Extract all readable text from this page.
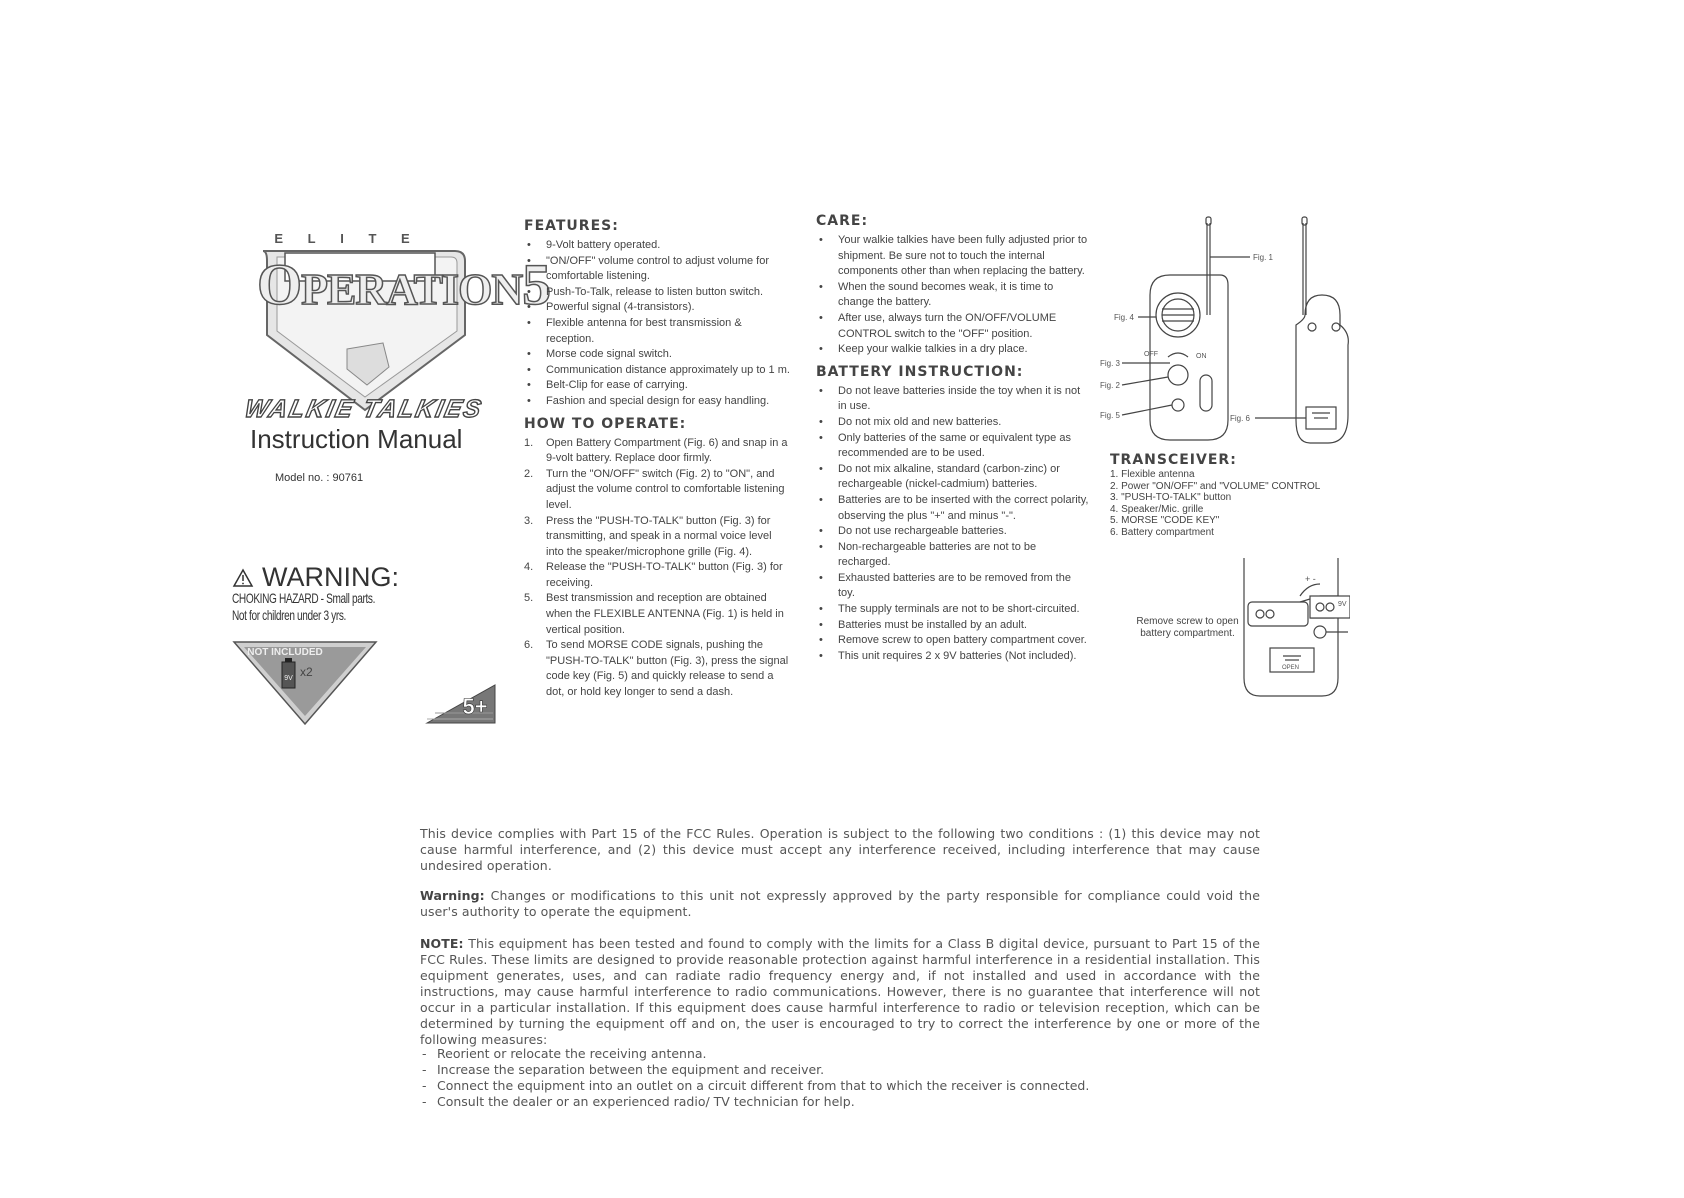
E L I T E
OPERATION5
WALKIE TALKIES
Instruction Manual
Model no. : 90761
WARNING:
CHOKING HAZARD - Small parts.
Not for children under 3 yrs.
9V x2
NOT INCLUDED
5+
FEATURES:
• 9-Volt battery operated.
• "ON/OFF" volume control to adjust volume for comfortable listening.
• Push-To-Talk, release to listen button switch.
• Powerful signal (4-transistors).
• Flexible antenna for best transmission & reception.
• Morse code signal switch.
• Communication distance approximately up to 1 m.
• Belt-Clip for ease of carrying.
• Fashion and special design for easy handling.
HOW TO OPERATE:
1. Open Battery Compartment (Fig. 6) and snap in a 9-volt battery. Replace door firmly.
2. Turn the "ON/OFF" switch (Fig. 2) to "ON", and adjust the volume control to comfortable listening level.
3. Press the "PUSH-TO-TALK" button (Fig. 3) for transmitting, and speak in a normal voice level into the speaker/microphone grille (Fig. 4).
4. Release the "PUSH-TO-TALK" button (Fig. 3) for receiving.
5. Best transmission and reception are obtained when the FLEXIBLE ANTENNA (Fig. 1) is held in vertical position.
6. To send MORSE CODE signals, pushing the "PUSH-TO-TALK" button (Fig. 3), press the signal code key (Fig. 5) and quickly release to send a dot, or hold key longer to send a dash.
CARE:
• Your walkie talkies have been fully adjusted prior to shipment. Be sure not to touch the internal components other than when replacing the battery.
• When the sound becomes weak, it is time to change the battery.
• After use, always turn the ON/OFF/VOLUME CONTROL switch to the "OFF" position.
• Keep your walkie talkies in a dry place.
BATTERY INSTRUCTION:
• Do not leave batteries inside the toy when it is not in use.
• Do not mix old and new batteries.
• Only batteries of the same or equivalent type as recommended are to be used.
• Do not mix alkaline, standard (carbon-zinc) or rechargeable (nickel-cadmium) batteries.
• Batteries are to be inserted with the correct polarity, observing the plus "+" and minus "-".
• Do not use rechargeable batteries.
• Non-rechargeable batteries are not to be recharged.
• Exhausted batteries are to be removed from the toy.
• The supply terminals are not to be short-circuited.
• Batteries must be installed by an adult.
• Remove screw to open battery compartment cover.
• This unit requires 2 x 9V batteries (Not included).
Fig. 1
Fig. 4
Fig. 3
Fig. 2
Fig. 5	Fig. 6
OFF	ON
TRANSCEIVER:
1. Flexible antenna
2. Power "ON/OFF" and "VOLUME" CONTROL
3. "PUSH-TO-TALK" button
4. Speaker/Mic. grille
5. MORSE "CODE KEY"
6. Battery compartment
+ -
9V
OPEN
Remove screw to open battery compartment.
This device complies with Part 15 of the FCC Rules. Operation is subject to the following two conditions : (1) this device may not cause harmful interference, and (2) this device must accept any interference received, including interference that may cause undesired operation.
Warning: Changes or modifications to this unit not expressly approved by the party responsible for compliance could void the user's authority to operate the equipment.
NOTE: This equipment has been tested and found to comply with the limits for a Class B digital device, pursuant to Part 15 of the FCC Rules. These limits are designed to provide reasonable protection against harmful interference in a residential installation. This equipment generates, uses, and can radiate radio frequency energy and, if not installed and used in accordance with the instructions, may cause harmful interference to radio communications. However, there is no guarantee that interference will not occur in a particular installation. If this equipment does cause harmful interference to radio or television reception, which can be determined by turning the equipment off and on, the user is encouraged to try to correct the interference by one or more of the following measures:
- Reorient or relocate the receiving antenna.
- Increase the separation between the equipment and receiver.
- Connect the equipment into an outlet on a circuit different from that to which the receiver is connected.
- Consult the dealer or an experienced radio/ TV technician for help.
